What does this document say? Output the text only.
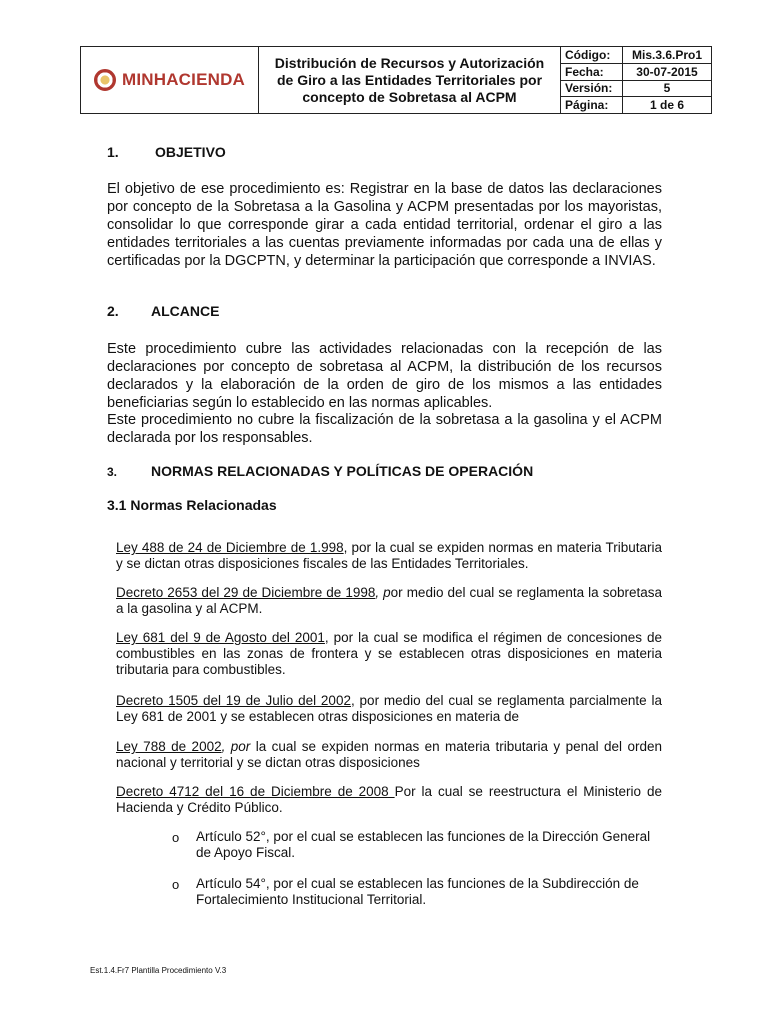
MINHACIENDA
Distribución de Recursos y Autorización de Giro a las Entidades Territoriales por concepto de Sobretasa al ACPM
Código:	Mis.3.6.Pro1
Fecha:	30-07-2015
Versión:	5
Página:	1 de 6
1.	OBJETIVO
El objetivo de ese procedimiento es: Registrar en la base de datos las declaraciones por concepto de la Sobretasa a la Gasolina y ACPM presentadas por los mayoristas, consolidar lo que corresponde girar a cada entidad territorial, ordenar el giro a las entidades territoriales a las cuentas previamente informadas por cada una de ellas y certificadas por la DGCPTN, y determinar la participación que corresponde a INVIAS.
2. ALCANCE
Este procedimiento cubre las actividades relacionadas con la recepción de las declaraciones por concepto de sobretasa al ACPM, la distribución de los recursos declarados y la elaboración de la orden de giro de los mismos a las entidades beneficiarias según lo establecido en las normas aplicables.
Este procedimiento no cubre la fiscalización de la sobretasa a la gasolina y el ACPM declarada por los responsables.
3. NORMAS RELACIONADAS Y POLÍTICAS DE OPERACIÓN
3.1 Normas Relacionadas
Ley 488 de 24 de Diciembre de 1.998, por la cual se expiden normas en materia Tributaria y se dictan otras disposiciones fiscales de las Entidades Territoriales.
Decreto 2653 del 29 de Diciembre de 1998, por medio del cual se reglamenta la sobretasa a la gasolina y al ACPM.
Ley 681 del 9 de Agosto del 2001, por la cual se modifica el régimen de concesiones de combustibles en las zonas de frontera y se establecen otras disposiciones en materia tributaria para combustibles.
Decreto 1505 del 19 de Julio del 2002, por medio del cual se reglamenta parcialmente la Ley 681 de 2001 y se establecen otras disposiciones en materia de
Ley 788 de 2002, por la cual se expiden normas en materia tributaria y penal del orden nacional y territorial y se dictan otras disposiciones
Decreto 4712 del 16 de Diciembre de 2008 Por la cual se reestructura el Ministerio de Hacienda y Crédito Público.
o Artículo 52°, por el cual se establecen las funciones de la Dirección General de Apoyo Fiscal.
o Artículo 54°, por el cual se establecen las funciones de la Subdirección de Fortalecimiento Institucional Territorial.
Est.1.4.Fr7 Plantilla Procedimiento V.3
